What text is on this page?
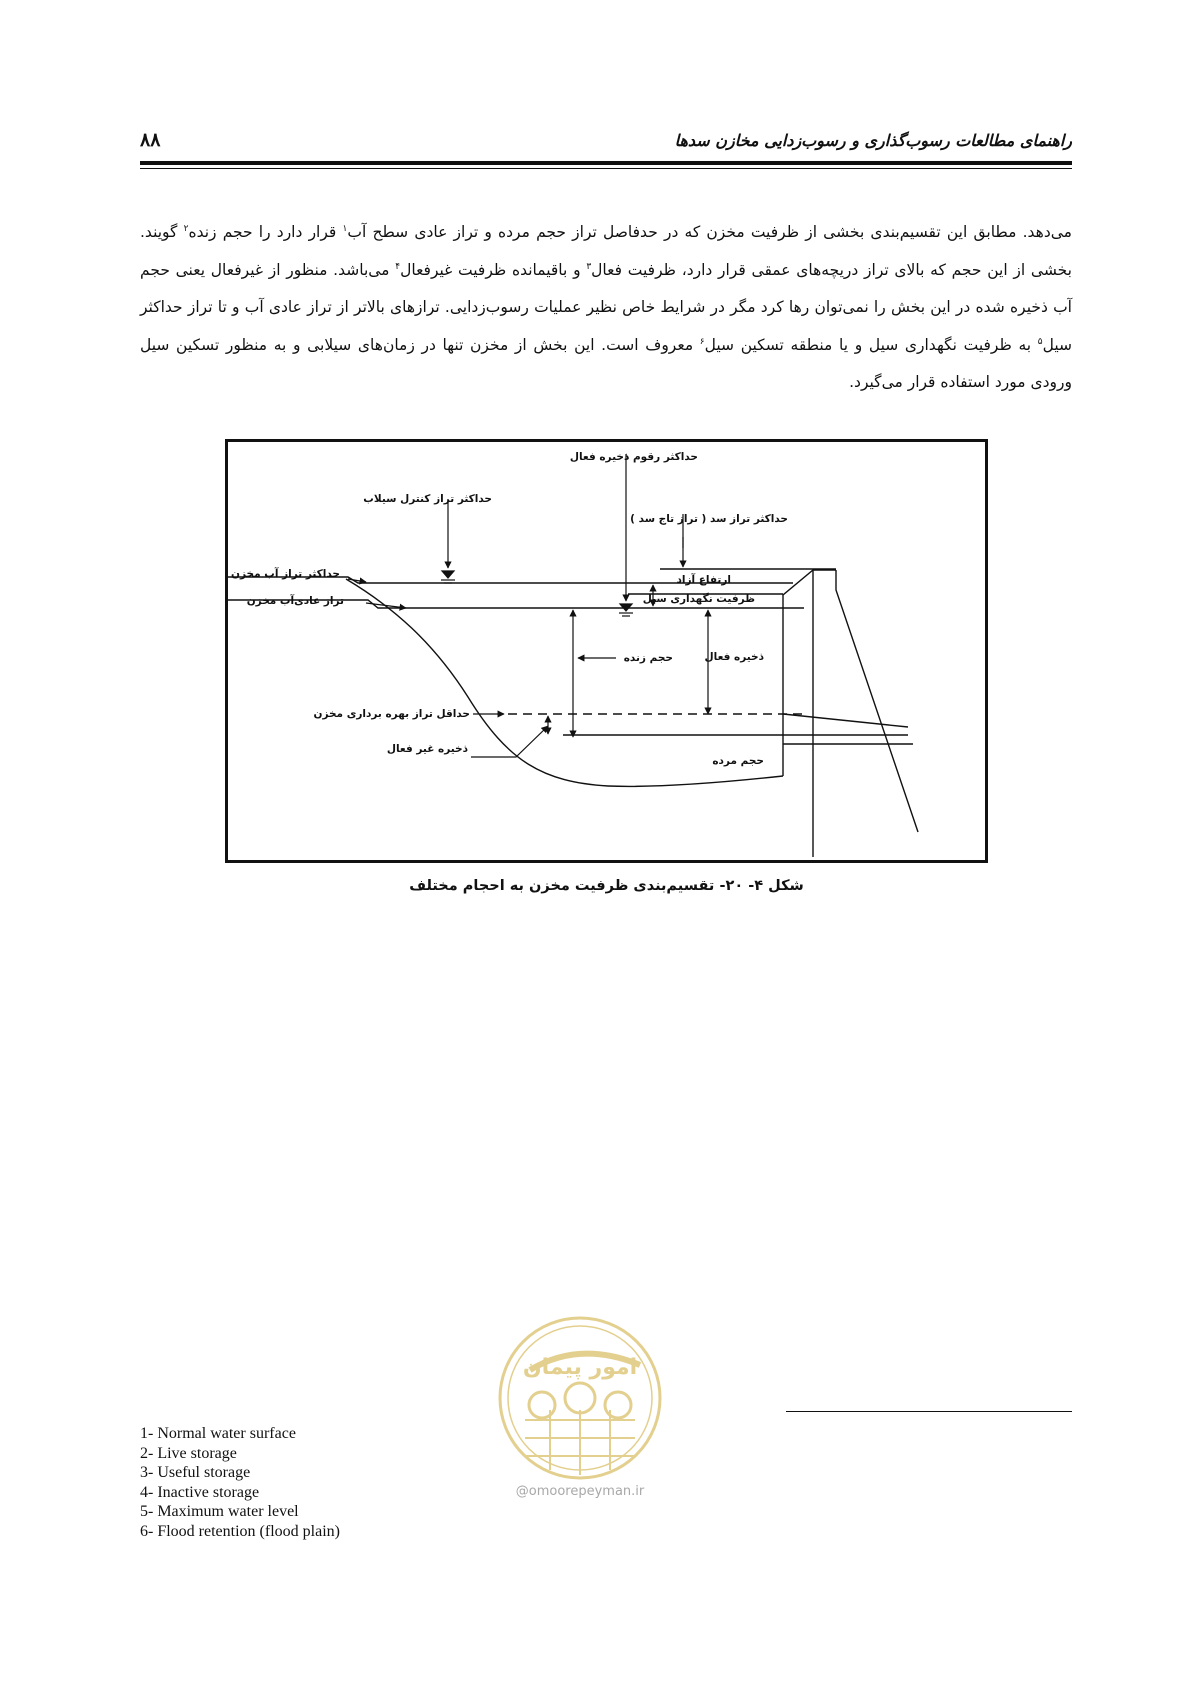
راهنمای مطالعات رسوب‌گذاری و رسوب‌زدایی مخازن سدها
۸۸

می‌دهد. مطابق این تقسیم‌بندی بخشی از ظرفیت مخزن که در حدفاصل تراز حجم مرده و تراز عادی سطح آب$^۱$ قرار دارد را حجم زنده$^۲$ گویند. بخشی از این حجم که بالای تراز دریچه‌های عمقی قرار دارد، ظرفیت فعال$^۳$ و باقیمانده ظرفیت غیرفعال$^۴$ می‌باشد. منظور از غیرفعال یعنی حجم آب ذخیره شده در این بخش را نمی‌توان رها کرد مگر در شرایط خاص نظیر عملیات رسوب‌زدایی. ترازهای بالاتر از تراز عادی آب و تا تراز حداکثر سیل$^۵$ به ظرفیت نگهداری سیل و یا منطقه تسکین سیل$^۶$ معروف است. این بخش از مخزن تنها در زمان‌های سیلابی و به منظور تسکین سیل ورودی مورد استفاده قرار می‌گیرد.

حداکثر رقوم ذخیره فعال
حداکثر تراز کنترل سیلاب
حداکثر تراز سد ( تراز تاج سد )
ارتفاع آزاد
حداکثر تراز آب مخزن
ظرفیت نگهداری سیل
تراز عادی‌آب مخزن
حجم زنده	ذخیره فعال
حداقل تراز بهره برداری مخزن
ذخیره غیر فعال
حجم مرده
شکل ۴- ۲۰- تقسیم‌بندی ظرفیت مخزن به احجام مختلف
امور پیمان
@omoorepeyman.ir
1- Normal water surface
2- Live storage
3- Useful storage
4- Inactive storage
5- Maximum water level
6- Flood retention (flood plain)
